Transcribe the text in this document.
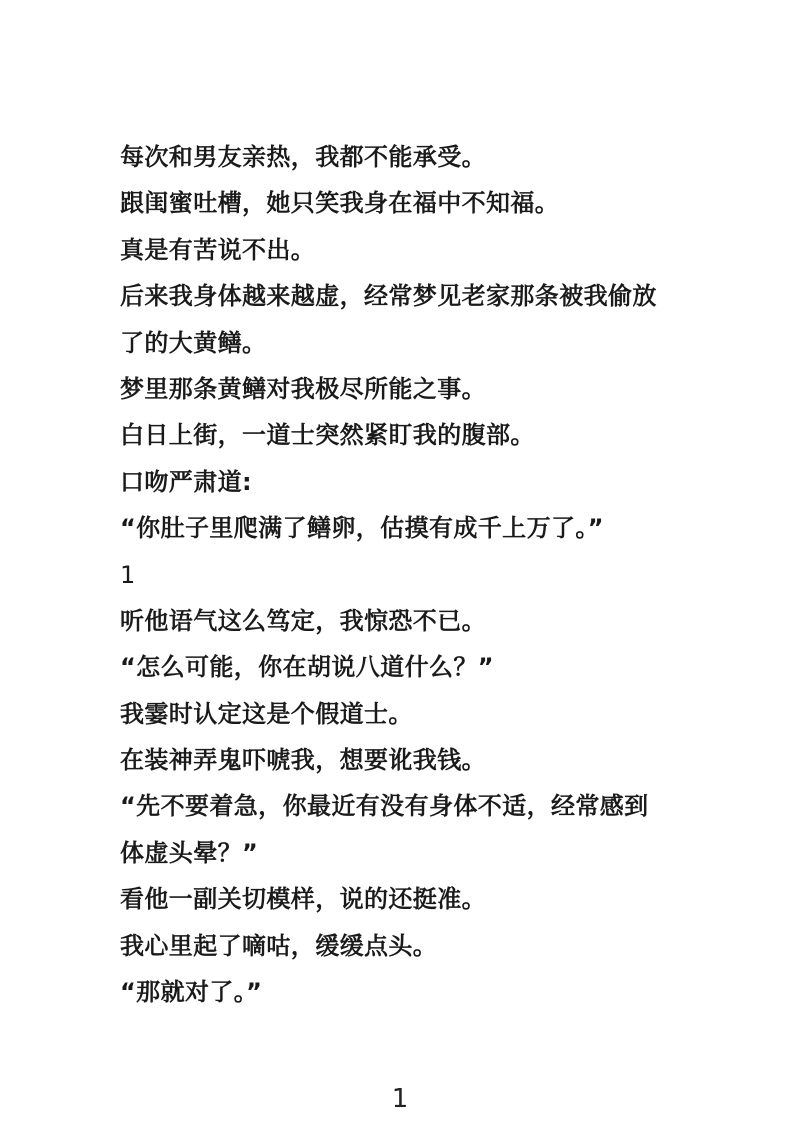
每次和男友亲热，我都不能承受。
跟闺蜜吐槽，她只笑我身在福中不知福。
真是有苦说不出。
后来我身体越来越虚，经常梦见老家那条被我偷放
了的大黄鳝。
梦里那条黄鳝对我极尽所能之事。
白日上街，一道士突然紧盯我的腹部。
口吻严肃道:
“你肚子里爬满了鳝卵，估摸有成千上万了。”
1
听他语气这么笃定，我惊恐不已。
“怎么可能，你在胡说八道什么？”
我霎时认定这是个假道士。
在装神弄鬼吓唬我，想要讹我钱。
“先不要着急，你最近有没有身体不适，经常感到
体虚头晕？”
看他一副关切模样，说的还挺准。
我心里起了嘀咕，缓缓点头。
“那就对了。”
1
